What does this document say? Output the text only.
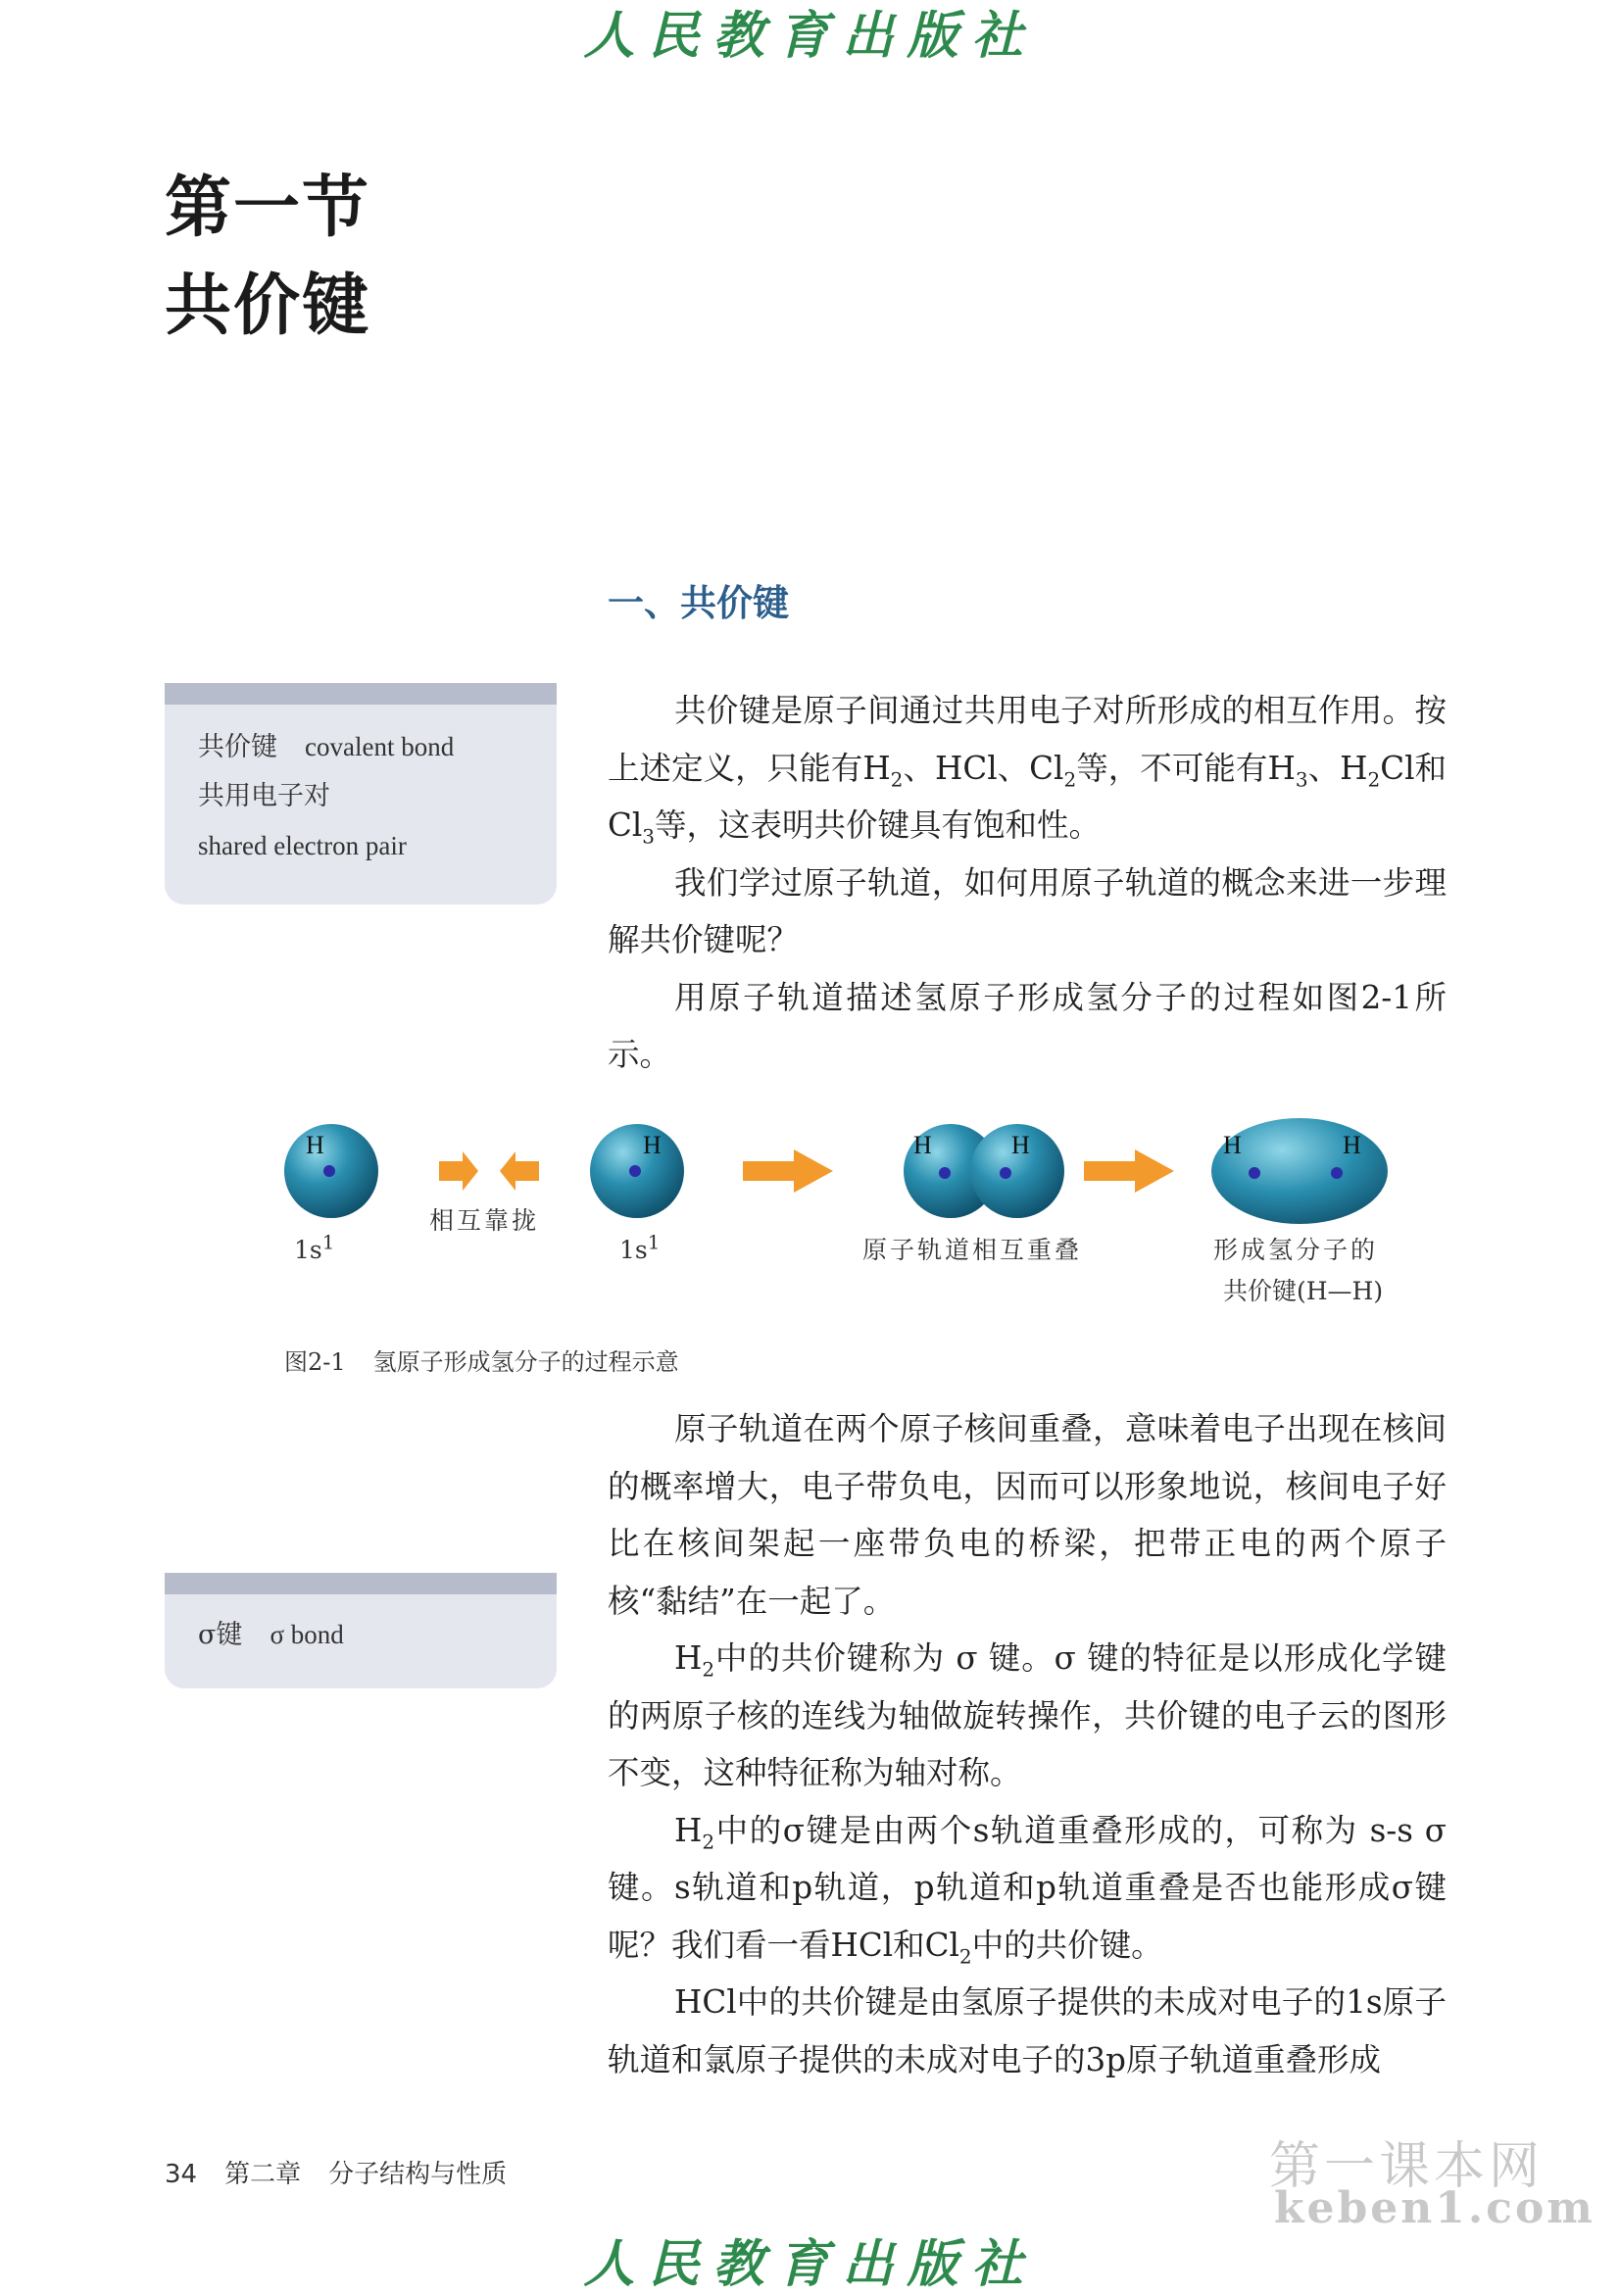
人民教育出版社
第一节
共价键
一、共价键
共价键 covalent bond
共用电子对
shared electron pair

共价键是原子间通过共用电子对所形成的相互作用。按上述定义，只能有$H_2$、HCl、$Cl_2$等，不可能有$H_3$、$H_2Cl$和$Cl_3$等，这表明共价键具有饱和性。

我们学过原子轨道，如何用原子轨道的概念来进一步理解共价键呢？

用原子轨道描述氢原子形成氢分子的过程如图2-1所示。

H	H	H	H	H	H
$1s^1$
相互靠拢
$1s^1$	原子轨道相互重叠	形成氢分子的
共价键(H—H)
图2-1 氢原子形成氢分子的过程示意
σ键 σ bond

原子轨道在两个原子核间重叠，意味着电子出现在核间的概率增大，电子带负电，因而可以形象地说，核间电子好比在核间架起一座带负电的桥梁，把带正电的两个原子核“黏结”在一起了。

$H_2$中的共价键称为 σ 键。σ 键的特征是以形成化学键的两原子核的连线为轴做旋转操作，共价键的电子云的图形不变，这种特征称为轴对称。

$H_2$中的σ键是由两个s轨道重叠形成的，可称为 s-s σ 键。s轨道和p轨道，p轨道和p轨道重叠是否也能形成σ键呢？我们看一看HCl和$Cl_2$中的共价键。

HCl中的共价键是由氢原子提供的未成对电子的1s原子轨道和氯原子提供的未成对电子的3p原子轨道重叠形成

34 第二章 分子结构与性质	第一课本网
keben1.com
人民教育出版社
